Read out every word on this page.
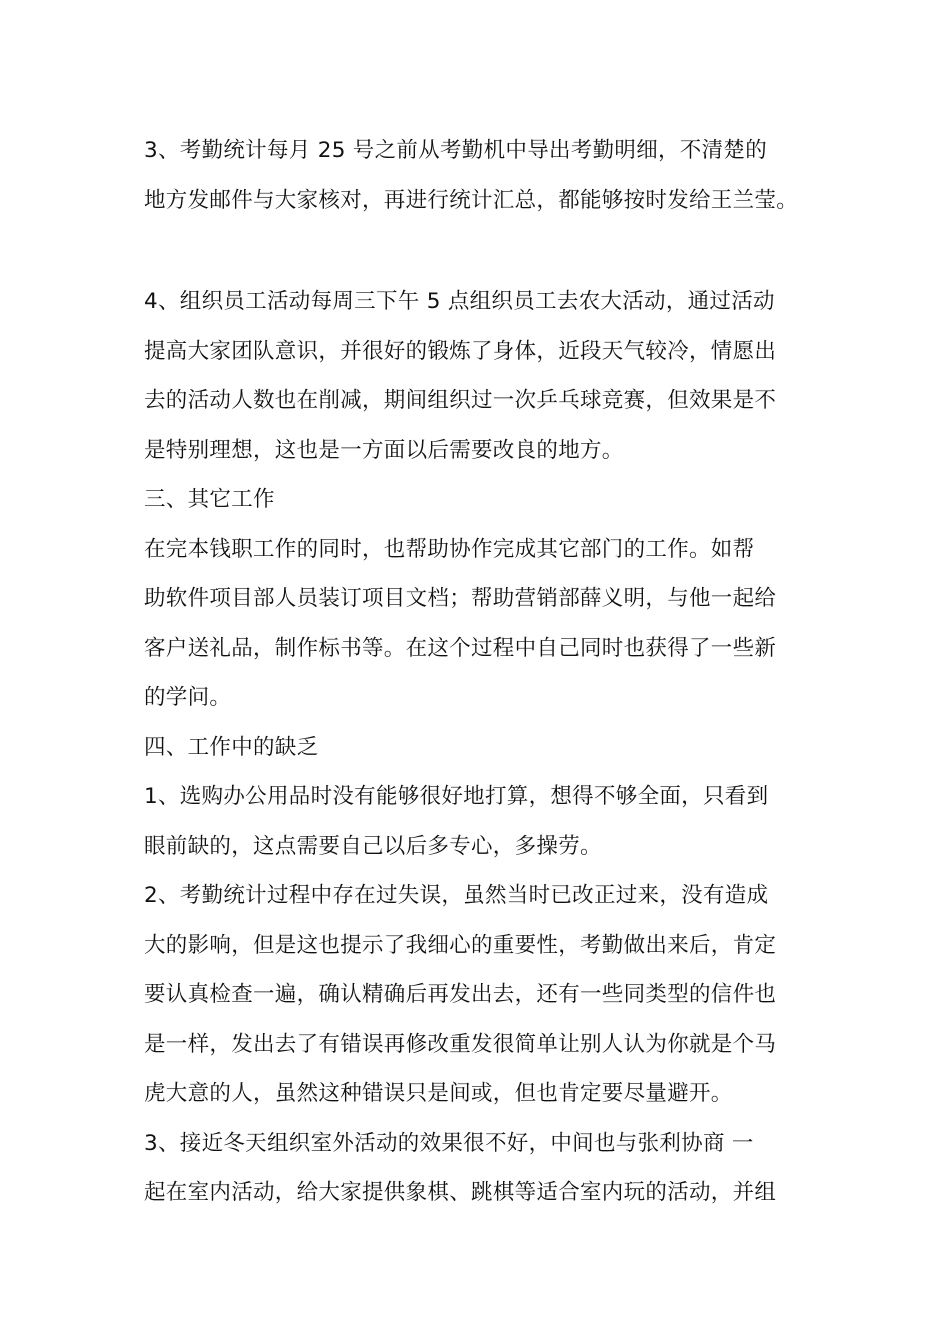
3、考勤统计每月 25 号之前从考勤机中导出考勤明细，不清楚的
地方发邮件与大家核对，再进行统计汇总，都能够按时发给王兰莹。
4、组织员工活动每周三下午 5 点组织员工去农大活动，通过活动
提高大家团队意识，并很好的锻炼了身体，近段天气较冷，情愿出
去的活动人数也在削减，期间组织过一次乒乓球竞赛，但效果是不
是特别理想，这也是一方面以后需要改良的地方。
三、其它工作
在完本钱职工作的同时，也帮助协作完成其它部门的工作。如帮
助软件项目部人员装订项目文档；帮助营销部薛义明，与他一起给
客户送礼品，制作标书等。在这个过程中自己同时也获得了一些新
的学问。
四、工作中的缺乏
1、选购办公用品时没有能够很好地打算，想得不够全面，只看到
眼前缺的，这点需要自己以后多专心，多操劳。
2、考勤统计过程中存在过失误，虽然当时已改正过来，没有造成
大的影响，但是这也提示了我细心的重要性，考勤做出来后，肯定
要认真检查一遍，确认精确后再发出去，还有一些同类型的信件也
是一样，发出去了有错误再修改重发很简单让别人认为你就是个马
虎大意的人，虽然这种错误只是间或，但也肯定要尽量避开。
3、接近冬天组织室外活动的效果很不好，中间也与张利协商 一
起在室内活动，给大家提供象棋、跳棋等适合室内玩的活动，并组
